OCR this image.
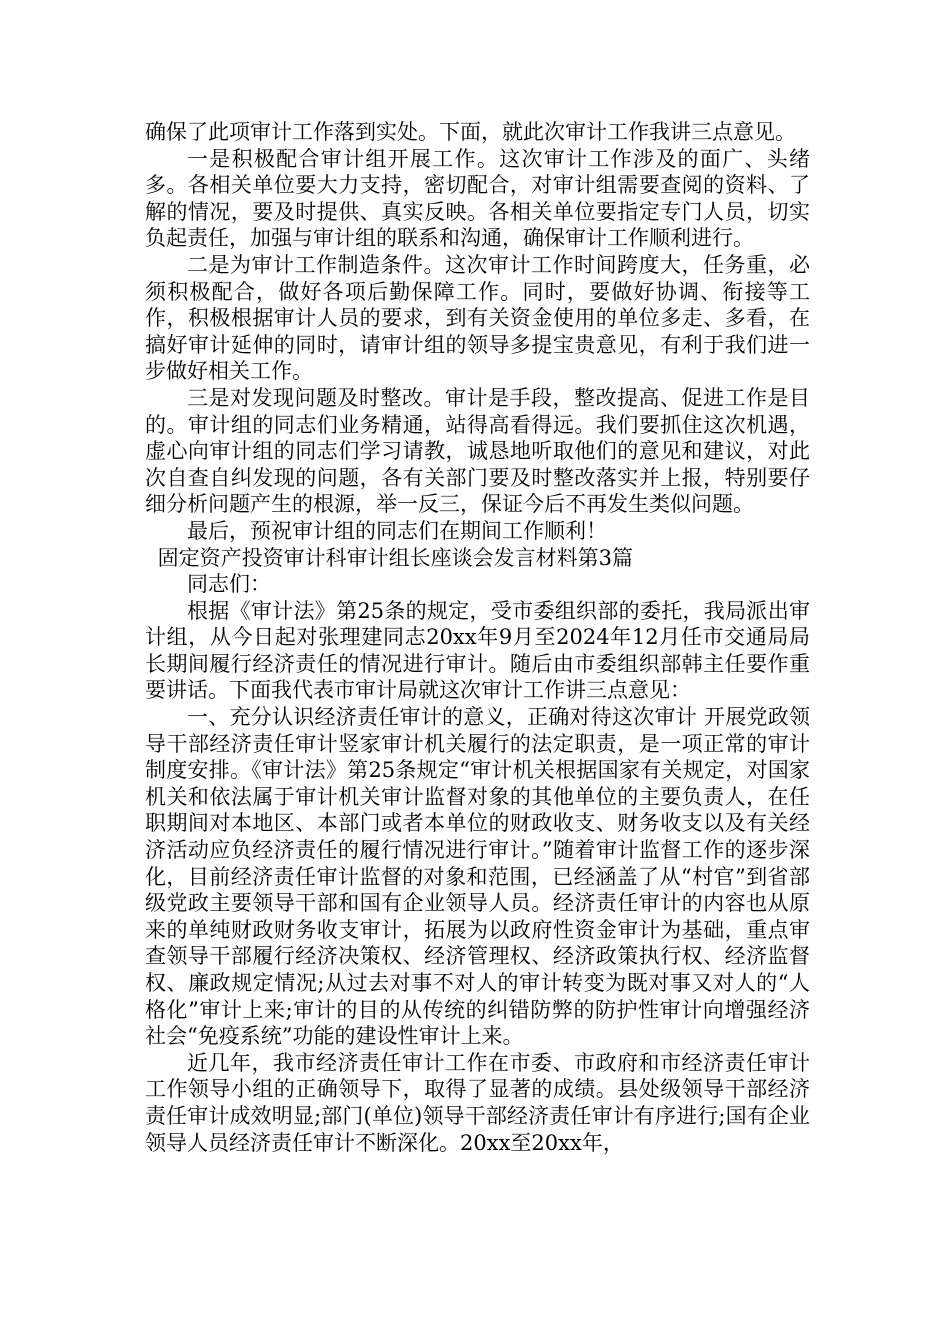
确保了此项审计工作落到实处。下面，就此次审计工作我讲三点意见。

一是积极配合审计组开展工作。这次审计工作涉及的面广、头绪多。各相关单位要大力支持，密切配合，对审计组需要查阅的资料、了解的情况，要及时提供、真实反映。各相关单位要指定专门人员，切实负起责任，加强与审计组的联系和沟通，确保审计工作顺利进行。

二是为审计工作制造条件。这次审计工作时间跨度大，任务重，必须积极配合，做好各项后勤保障工作。同时，要做好协调、衔接等工作，积极根据审计人员的要求，到有关资金使用的单位多走、多看，在搞好审计延伸的同时，请审计组的领导多提宝贵意见，有利于我们进一步做好相关工作。

三是对发现问题及时整改。审计是手段，整改提高、促进工作是目的。审计组的同志们业务精通，站得高看得远。我们要抓住这次机遇，虚心向审计组的同志们学习请教，诚恳地听取他们的意见和建议，对此次自查自纠发现的问题，各有关部门要及时整改落实并上报，特别要仔细分析问题产生的根源，举一反三，保证今后不再发生类似问题。

最后，预祝审计组的同志们在期间工作顺利！

固定资产投资审计科审计组长座谈会发言材料第3篇

同志们：

根据《审计法》第25条的规定，受市委组织部的委托，我局派出审计组，从今日起对张理建同志20xx年9月至2024年12月任市交通局局长期间履行经济责任的情况进行审计。随后由市委组织部韩主任要作重要讲话。下面我代表市审计局就这次审计工作讲三点意见：

一、充分认识经济责任审计的意义，正确对待这次审计 开展党政领导干部经济责任审计竖家审计机关履行的法定职责，是一项正常的审计制度安排。《审计法》第25条规定“审计机关根据国家有关规定，对国家机关和依法属于审计机关审计监督对象的其他单位的主要负责人，在任职期间对本地区、本部门或者本单位的财政收支、财务收支以及有关经济活动应负经济责任的履行情况进行审计。”随着审计监督工作的逐步深化，目前经济责任审计监督的对象和范围，已经涵盖了从“村官”到省部级党政主要领导干部和国有企业领导人员。经济责任审计的内容也从原来的单纯财政财务收支审计，拓展为以政府性资金审计为基础，重点审查领导干部履行经济决策权、经济管理权、经济政策执行权、经济监督权、廉政规定情况;从过去对事不对人的审计转变为既对事又对人的“人 格化”审计上来;审计的目的从传统的纠错防弊的防护性审计向增强经济社会“免疫系统”功能的建设性审计上来。

近几年，我市经济责任审计工作在市委、市政府和市经济责任审计工作领导小组的正确领导下，取得了显著的成绩。县处级领导干部经济责任审计成效明显;部门(单位)领导干部经济责任审计有序进行;国有企业领导人员经济责任审计不断深化。20xx至20xx年，
